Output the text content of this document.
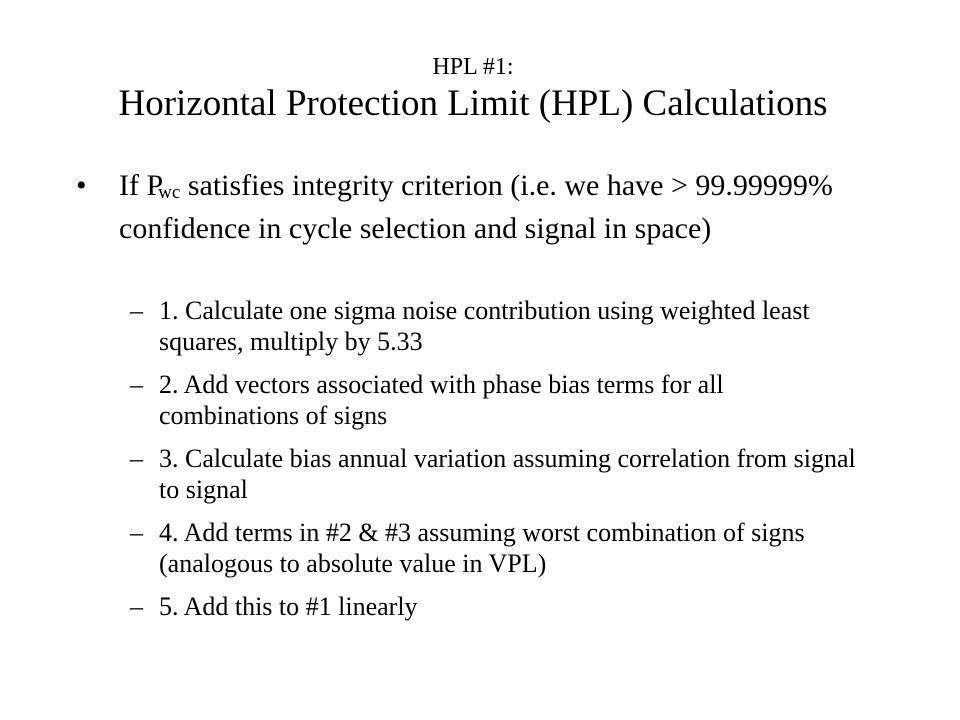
HPL #1:
Horizontal Protection Limit (HPL) Calculations
• If $P_{wc}$ satisfies integrity criterion (i.e. we have > 99.99999% confidence in cycle selection and signal in space)
– 1. Calculate one sigma noise contribution using weighted least squares, multiply by 5.33
– 2. Add vectors associated with phase bias terms for all combinations of signs
– 3. Calculate bias annual variation assuming correlation from signal to signal
– 4. Add terms in #2 & #3 assuming worst combination of signs (analogous to absolute value in VPL)
– 5. Add this to #1 linearly
